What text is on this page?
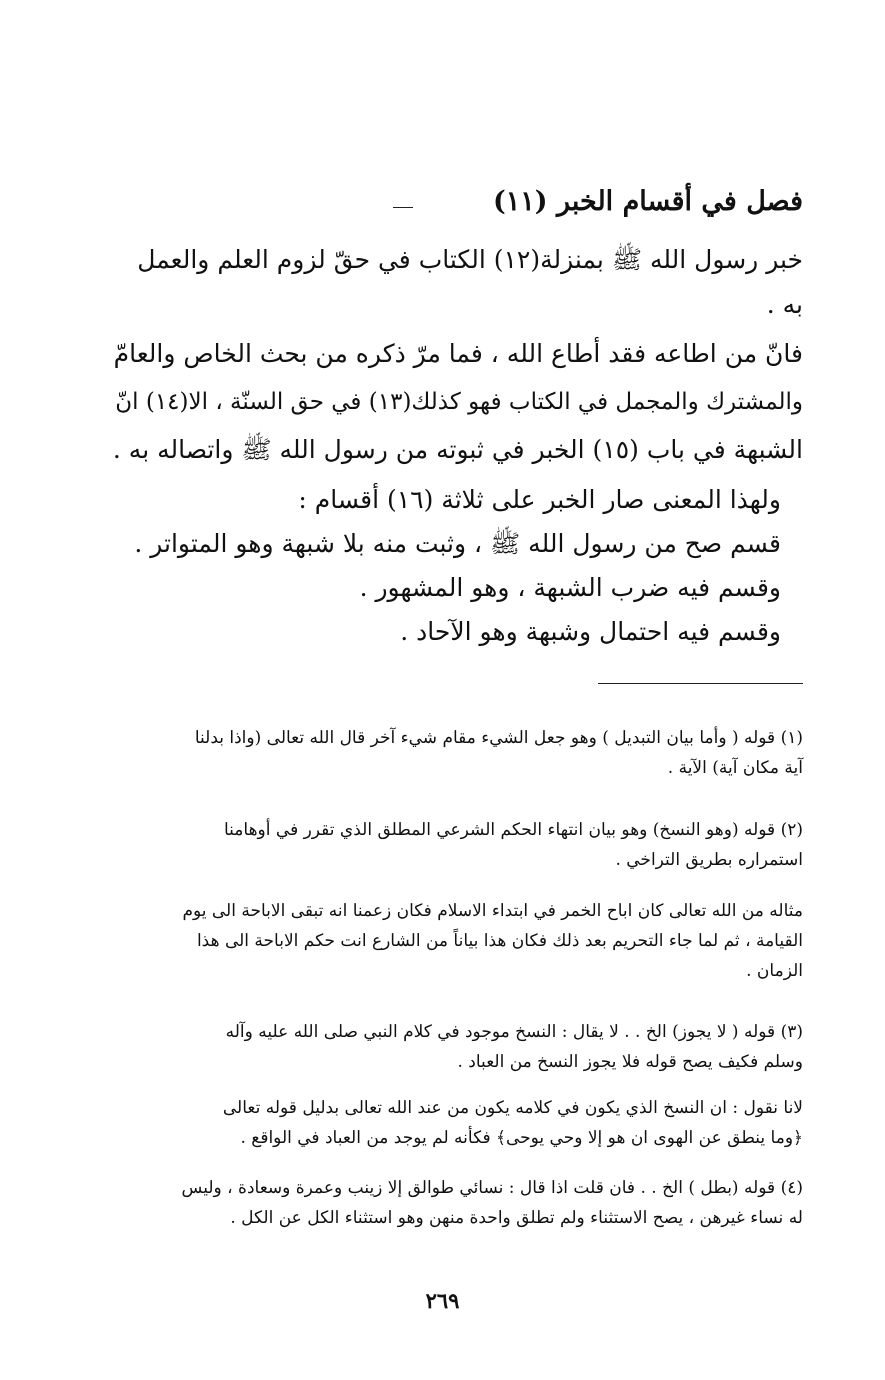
فصل في أقسام الخبر (١١)
خبر رسول الله ﷺ بمنزلة(١٢) الكتاب في حقّ لزوم العلم والعمل
به .
فانّ من اطاعه فقد أطاع الله ، فما مرّ ذكره من بحث الخاص والعامّ
والمشترك والمجمل في الكتاب فهو كذلك(١٣) في حق السنّة ، الا(١٤) انّ
الشبهة في باب (١٥) الخبر في ثبوته من رسول الله ﷺ واتصاله به .
ولهذا المعنى صار الخبر على ثلاثة (١٦) أقسام :
قسم صح من رسول الله ﷺ ، وثبت منه بلا شبهة وهو المتواتر .
وقسم فيه ضرب الشبهة ، وهو المشهور .
وقسم فيه احتمال وشبهة وهو الآحاد .
(١) قوله ( وأما بيان التبديل ) وهو جعل الشيء مقام شيء آخر قال الله تعالى (واذا بدلنا
آية مكان آية) الآية .
(٢) قوله (وهو النسخ) وهو بيان انتهاء الحكم الشرعي المطلق الذي تقرر في أوهامنا
استمراره بطريق التراخي .
مثاله من الله تعالى كان اباح الخمر في ابتداء الاسلام فكان زعمنا انه تبقى الاباحة الى يوم
القيامة ، ثم لما جاء التحريم بعد ذلك فكان هذا بياناً من الشارع انت حكم الاباحة الى هذا
الزمان .
(٣) قوله ( لا يجوز) الخ . . لا يقال : النسخ موجود في كلام النبي صلى الله عليه وآله
وسلم فكيف يصح قوله فلا يجوز النسخ من العباد .
لانا نقول : ان النسخ الذي يكون في كلامه يكون من عند الله تعالى بدليل قوله تعالى
﴿وما ينطق عن الهوى ان هو إلا وحي يوحى﴾ فكأنه لم يوجد من العباد في الواقع .
(٤) قوله (بطل ) الخ . . فان قلت اذا قال : نسائي طوالق إلا زينب وعمرة وسعادة ، وليس
له نساء غيرهن ، يصح الاستثناء ولم تطلق واحدة منهن وهو استثناء الكل عن الكل .
٢٦٩
